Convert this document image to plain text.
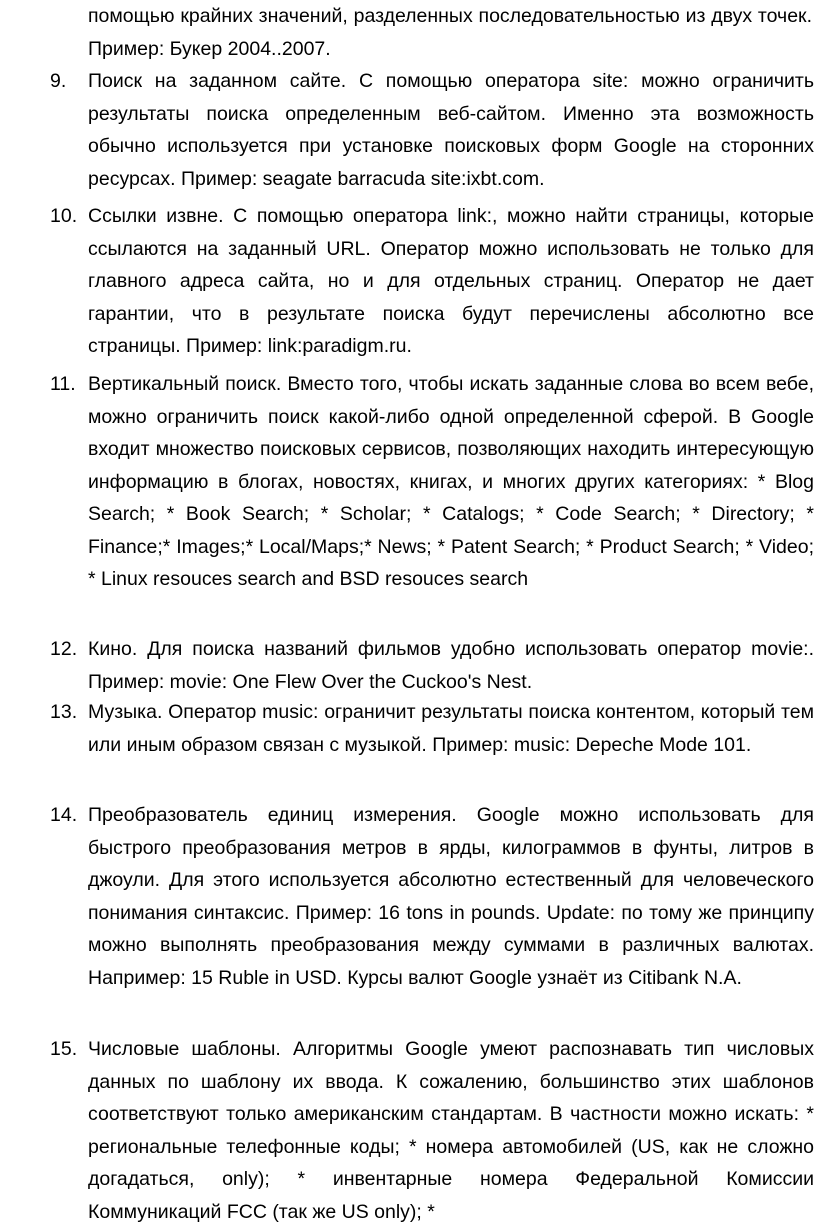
помощью крайних значений, разделенных последовательностью из двух точек. Пример: Букер 2004..2007.
9.	Поиск на заданном сайте. С помощью оператора site: можно ограничить результаты поиска определенным веб-сайтом. Именно эта возможность обычно используется при установке поисковых форм Google на сторонних ресурсах. Пример: seagate barracuda site:ixbt.com.
10. Ссылки извне. С помощью оператора link:, можно найти страницы, которые ссылаются на заданный URL. Оператор можно использовать не только для главного адреса сайта, но и для отдельных страниц. Оператор не дает гарантии, что в результате поиска будут перечислены абсолютно все страницы. Пример: link:paradigm.ru.
11. Вертикальный поиск. Вместо того, чтобы искать заданные слова во всем вебе, можно ограничить поиск какой-либо одной определенной сферой. В Google входит множество поисковых сервисов, позволяющих находить интересующую информацию в блогах, новостях, книгах, и многих других категориях: * Blog Search; * Book Search; * Scholar; * Catalogs; * Code Search; * Directory; * Finance;* Images;* Local/Maps;* News; * Patent Search; * Product Search; * Video; * Linux resouces search and BSD resouces search
12. Кино. Для поиска названий фильмов удобно использовать оператор movie:. Пример: movie: One Flew Over the Cuckoo's Nest.
13. Музыка. Оператор music: ограничит результаты поиска контентом, который тем или иным образом связан с музыкой. Пример: music: Depeche Mode 101.
14. Преобразователь единиц измерения. Google можно использовать для быстрого преобразования метров в ярды, килограммов в фунты, литров в джоули. Для этого используется абсолютно естественный для человеческого понимания синтаксис. Пример: 16 tons in pounds. Update: по тому же принципу можно выполнять преобразования между суммами в различных валютах. Например: 15 Ruble in USD. Курсы валют Google узнаёт из Citibank N.A.
15. Числовые шаблоны. Алгоритмы Google умеют распознавать тип числовых данных по шаблону их ввода. К сожалению, большинство этих шаблонов соответствуют только американским стандартам. В частности можно искать: * региональные телефонные коды; * номера автомобилей (US, как не сложно догадаться, only); * инвентарные номера Федеральной Комиссии Коммуникаций FCC (так же US only); *
